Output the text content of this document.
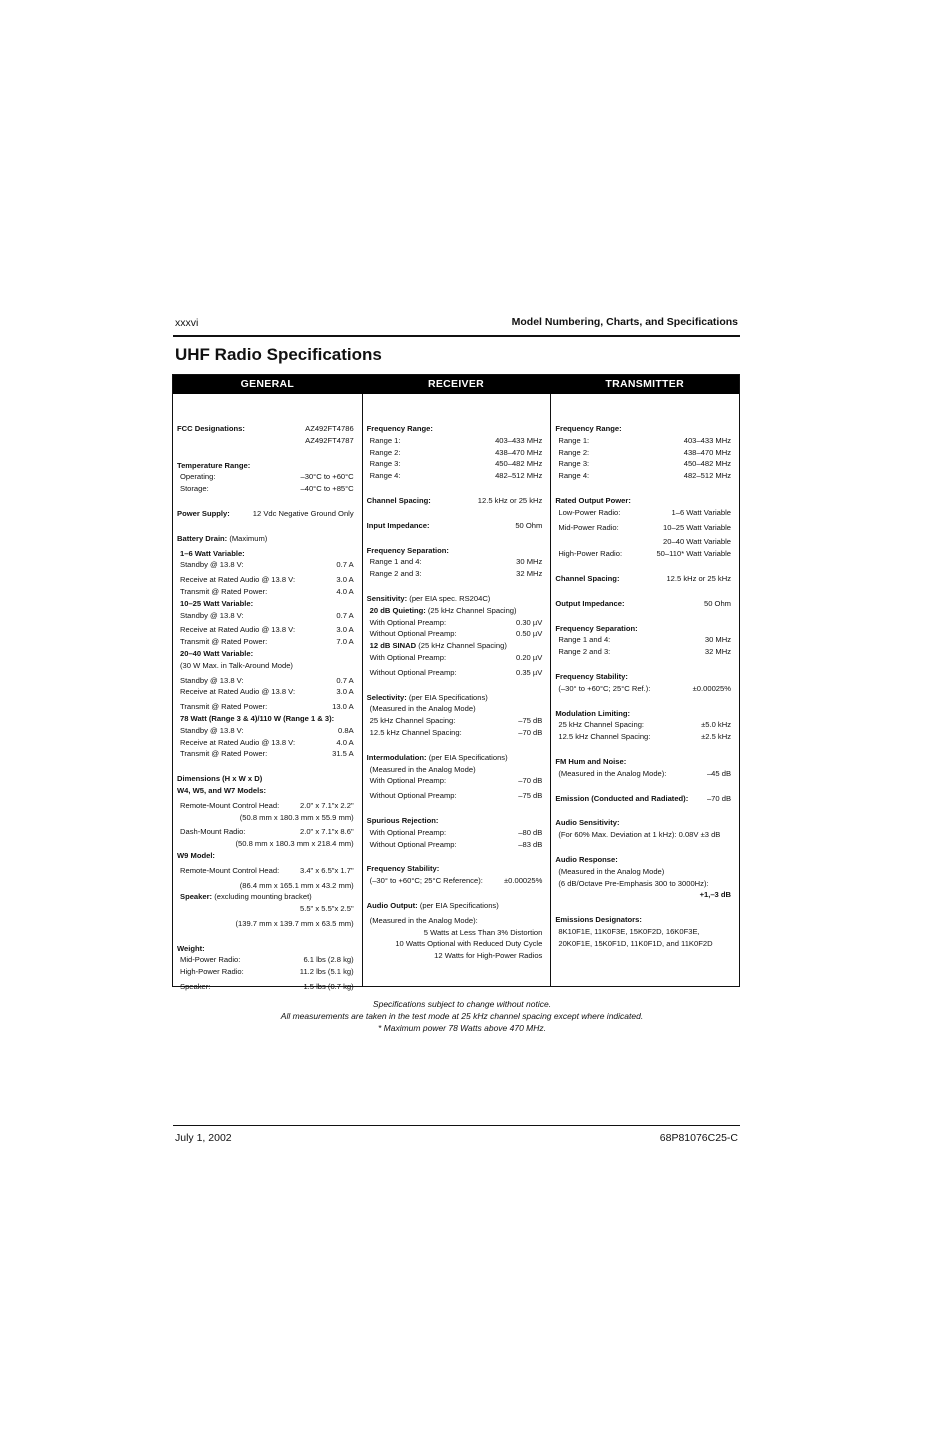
xxxvi	Model Numbering, Charts, and Specifications
UHF Radio Specifications
GENERAL	RECEIVER	TRANSMITTER
FCC Designations:	AZ492FT4786
AZ492FT4787
Temperature Range:
Operating:	–30°C to +60°C
Storage:	–40°C to +85°C
Power Supply:	12 Vdc Negative Ground Only
Battery Drain: (Maximum)
1–6 Watt Variable:
Standby @ 13.8 V:	0.7 A
Receive at Rated Audio @ 13.8 V:	3.0 A
Transmit @ Rated Power:	4.0 A
10–25 Watt Variable:
Standby @ 13.8 V:	0.7 A
Receive at Rated Audio @ 13.8 V:	3.0 A
Transmit @ Rated Power:	7.0 A
20–40 Watt Variable:
(30 W Max. in Talk-Around Mode)
Standby @ 13.8 V:	0.7 A
Receive at Rated Audio @ 13.8 V:	3.0 A
Transmit @ Rated Power:	13.0 A
78 Watt (Range 3 & 4)/110 W (Range 1 & 3):
Standby @ 13.8 V:	0.8A
Receive at Rated Audio @ 13.8 V:	4.0 A
Transmit @ Rated Power:	31.5 A
Dimensions (H x W x D)
W4, W5, and W7 Models:
Remote-Mount Control Head:	2.0" x 7.1"x 2.2"
(50.8 mm x 180.3 mm x 55.9 mm)
Dash-Mount Radio:	2.0" x 7.1"x 8.6"
(50.8 mm x 180.3 mm x 218.4 mm)
W9 Model:
Remote-Mount Control Head:	3.4" x 6.5"x 1.7"
(86.4 mm x 165.1 mm x 43.2 mm)
Speaker: (excluding mounting bracket)
5.5" x 5.5"x 2.5"
(139.7 mm x 139.7 mm x 63.5 mm)
Weight:
Mid-Power Radio:	6.1 lbs (2.8 kg)
High-Power Radio:	11.2 lbs (5.1 kg)
Speaker:	1.5 lbs (0.7 kg)
Frequency Range:
Range 1:	403–433 MHz
Range 2:	438–470 MHz
Range 3:	450–482 MHz
Range 4:	482–512 MHz
Channel Spacing:	12.5 kHz or 25 kHz
Input Impedance:	50 Ohm
Frequency Separation:
Range 1 and 4:	30 MHz
Range 2 and 3:	32 MHz
Sensitivity: (per EIA spec. RS204C)
20 dB Quieting: (25 kHz Channel Spacing)
With Optional Preamp:	0.30 µV
Without Optional Preamp:	0.50 µV
12 dB SINAD (25 kHz Channel Spacing)
With Optional Preamp:	0.20 µV
Without Optional Preamp:	0.35 µV
Selectivity: (per EIA Specifications)
(Measured in the Analog Mode)
25 kHz Channel Spacing:	–75 dB
12.5 kHz Channel Spacing:	–70 dB
Intermodulation: (per EIA Specifications)
(Measured in the Analog Mode)
With Optional Preamp:	–70 dB
Without Optional Preamp:	–75 dB
Spurious Rejection:
With Optional Preamp:	–80 dB
Without Optional Preamp:	–83 dB
Frequency Stability:
(–30° to +60°C; 25°C Reference):	±0.00025%
Audio Output: (per EIA Specifications)
(Measured in the Analog Mode):
5 Watts at Less Than 3% Distortion
10 Watts Optional with Reduced Duty Cycle
12 Watts for High-Power Radios
Frequency Range:
Range 1:	403–433 MHz
Range 2:	438–470 MHz
Range 3:	450–482 MHz
Range 4:	482–512 MHz
Rated Output Power:
Low-Power Radio:	1–6 Watt Variable
Mid-Power Radio:	10–25 Watt Variable
20–40 Watt Variable
High-Power Radio:	50–110* Watt Variable
Channel Spacing:	12.5 kHz or 25 kHz
Output Impedance:	50 Ohm
Frequency Separation:
Range 1 and 4:	30 MHz
Range 2 and 3:	32 MHz
Frequency Stability:
(–30° to +60°C; 25°C Ref.):	±0.00025%
Modulation Limiting:
25 kHz Channel Spacing:	±5.0 kHz
12.5 kHz Channel Spacing:	±2.5 kHz
FM Hum and Noise:
(Measured in the Analog Mode):	–45 dB
Emission (Conducted and Radiated): –70 dB
Audio Sensitivity:
(For 60% Max. Deviation at 1 kHz): 0.08V ±3 dB
Audio Response:
(Measured in the Analog Mode)
(6 dB/Octave Pre-Emphasis 300 to 3000Hz):
+1,–3 dB
Emissions Designators:
8K10F1E, 11K0F3E, 15K0F2D, 16K0F3E,
20K0F1E, 15K0F1D, 11K0F1D, and 11K0F2D
Specifications subject to change without notice.
All measurements are taken in the test mode at 25 kHz channel spacing except where indicated.
* Maximum power 78 Watts above 470 MHz.
July 1, 2002	68P81076C25-C
